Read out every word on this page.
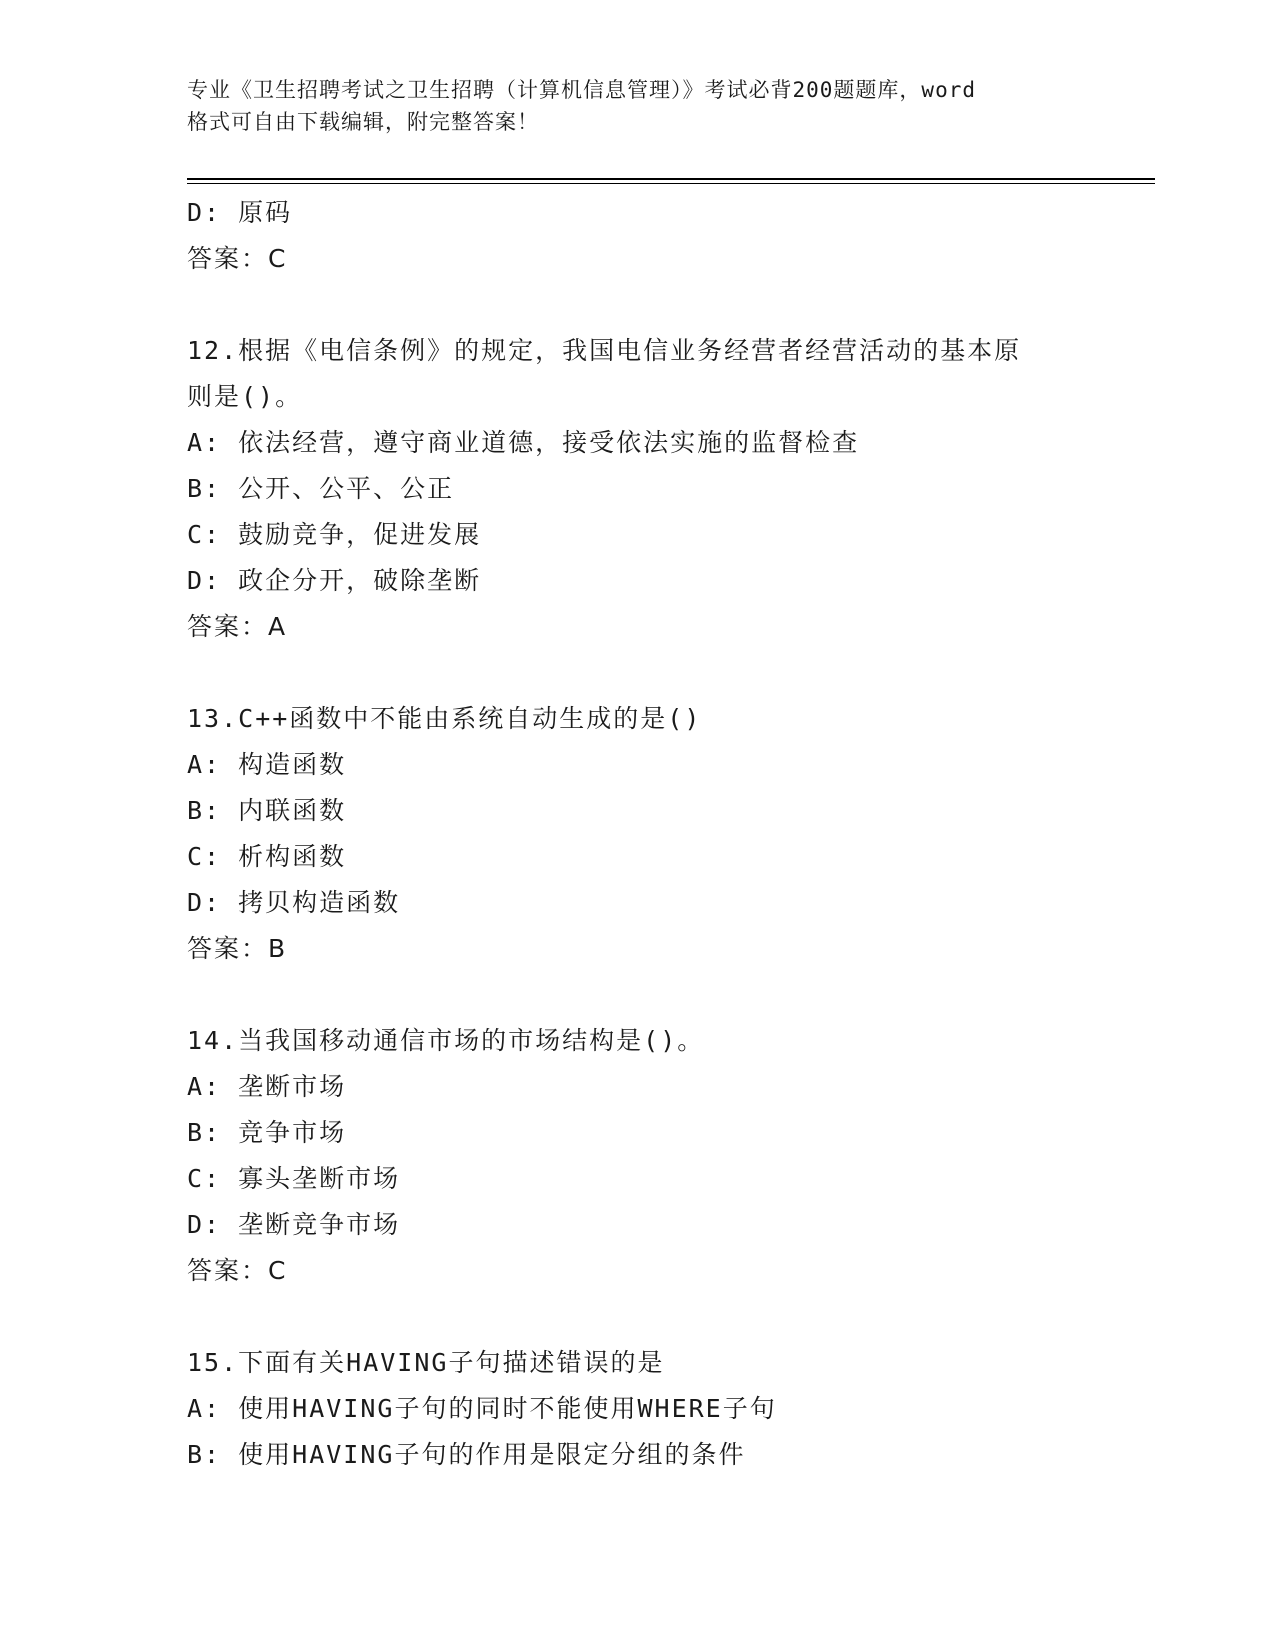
专业《卫生招聘考试之卫生招聘（计算机信息管理）》考试必背200题题库，word
格式可自由下载编辑，附完整答案！
D: 原码
答案：C
12.根据《电信条例》的规定，我国电信业务经营者经营活动的基本原
则是()。
A: 依法经营，遵守商业道德，接受依法实施的监督检查
B: 公开、公平、公正
C: 鼓励竞争，促进发展
D: 政企分开，破除垄断
答案：A
13.C++函数中不能由系统自动生成的是()
A: 构造函数
B: 内联函数
C: 析构函数
D: 拷贝构造函数
答案：B
14.当我国移动通信市场的市场结构是()。
A: 垄断市场
B: 竞争市场
C: 寡头垄断市场
D: 垄断竞争市场
答案：C
15.下面有关HAVING子句描述错误的是
A: 使用HAVING子句的同时不能使用WHERE子句
B: 使用HAVING子句的作用是限定分组的条件
